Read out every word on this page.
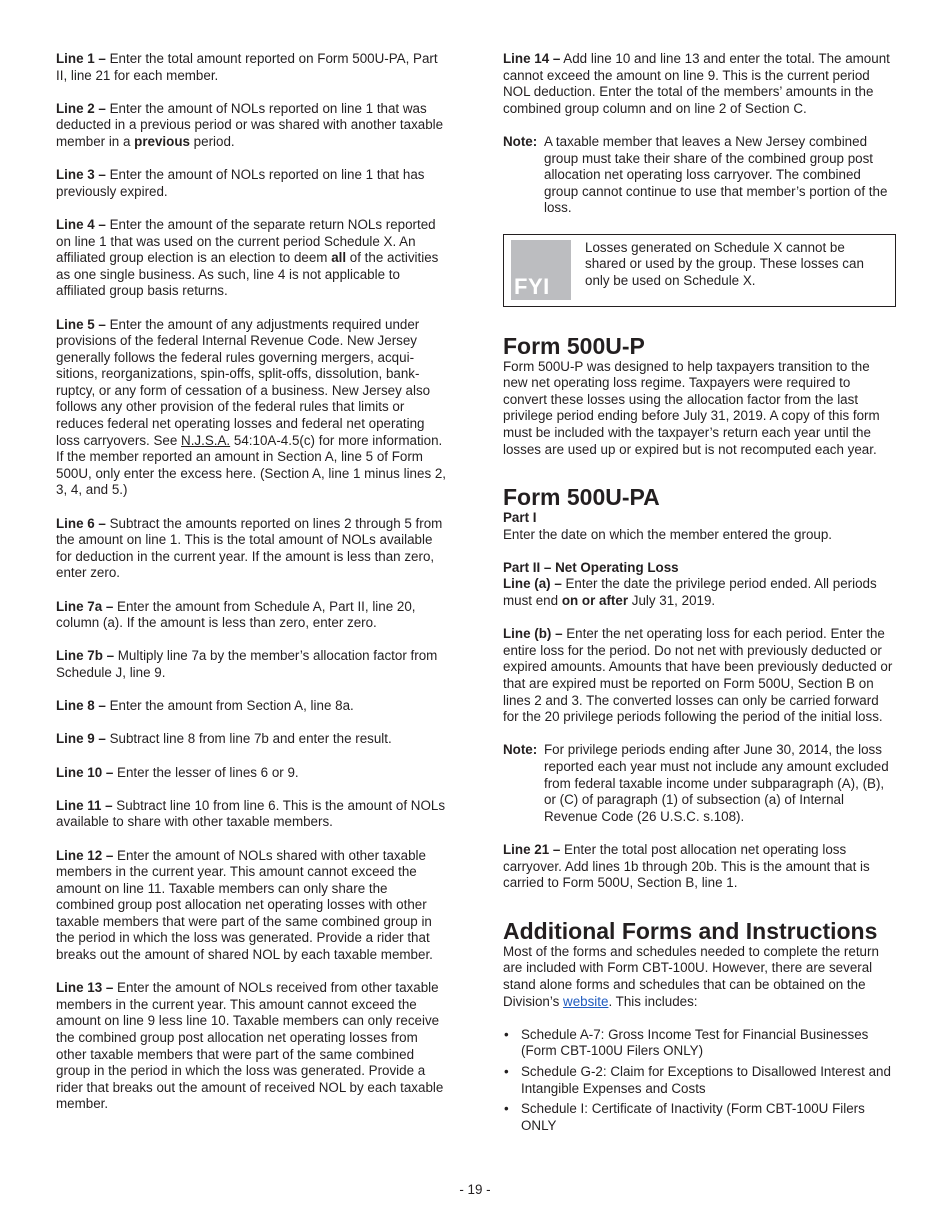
Line 1 – Enter the total amount reported on Form 500U-PA, Part II, line 21 for each member.

Line 2 – Enter the amount of NOLs reported on line 1 that was deducted in a previous period or was shared with another taxable member in a previous period.

Line 3 – Enter the amount of NOLs reported on line 1 that has previously expired.

Line 4 – Enter the amount of the separate return NOLs reported on line 1 that was used on the current period Schedule X. An affiliated group election is an election to deem all of the activities as one single business. As such, line 4 is not applicable to affiliated group basis returns.

Line 5 – Enter the amount of any adjustments required under provisions of the federal Internal Revenue Code. New Jersey generally follows the federal rules governing mergers, acquisitions, reorganizations, spin-offs, split-offs, dissolution, bankruptcy, or any form of cessation of a business. New Jersey also follows any other provision of the federal rules that limits or reduces federal net operating losses and federal net operating loss carryovers. See N.J.S.A. 54:10A-4.5(c) for more information. If the member reported an amount in Section A, line 5 of Form 500U, only enter the excess here. (Section A, line 1 minus lines 2, 3, 4, and 5.)

Line 6 – Subtract the amounts reported on lines 2 through 5 from the amount on line 1. This is the total amount of NOLs available for deduction in the current year. If the amount is less than zero, enter zero.

Line 7a – Enter the amount from Schedule A, Part II, line 20, column (a). If the amount is less than zero, enter zero.

Line 7b – Multiply line 7a by the member’s allocation factor from Schedule J, line 9.

Line 8 – Enter the amount from Section A, line 8a.

Line 9 – Subtract line 8 from line 7b and enter the result.

Line 10 – Enter the lesser of lines 6 or 9.

Line 11 – Subtract line 10 from line 6. This is the amount of NOLs available to share with other taxable members.

Line 12 – Enter the amount of NOLs shared with other taxable members in the current year. This amount cannot exceed the amount on line 11. Taxable members can only share the combined group post allocation net operating losses with other taxable members that were part of the same combined group in the period in which the loss was generated. Provide a rider that breaks out the amount of shared NOL by each taxable member.

Line 13 – Enter the amount of NOLs received from other taxable members in the current year. This amount cannot exceed the amount on line 9 less line 10. Taxable members can only receive the combined group post allocation net operating losses from other taxable members that were part of the same combined group in the period in which the loss was generated. Provide a rider that breaks out the amount of received NOL by each taxable member.

Line 14 – Add line 10 and line 13 and enter the total. The amount cannot exceed the amount on line 9. This is the current period NOL deduction. Enter the total of the members’ amounts in the combined group column and on line 2 of Section C.

Note: A taxable member that leaves a New Jersey combined group must take their share of the combined group post allocation net operating loss carryover. The combined group cannot continue to use that member’s portion of the loss.
FYI
Losses generated on Schedule X cannot be shared or used by the group. These losses can only be used on Schedule X.
Form 500U-P

Form 500U-P was designed to help taxpayers transition to the new net operating loss regime. Taxpayers were required to convert these losses using the allocation factor from the last privilege period ending before July 31, 2019. A copy of this form must be included with the taxpayer’s return each year until the losses are used up or expired but is not recomputed each year.

Form 500U-PA
Part I

Enter the date on which the member entered the group.

Part II – Net Operating Loss

Line (a) – Enter the date the privilege period ended. All periods must end on or after July 31, 2019.

Line (b) – Enter the net operating loss for each period. Enter the entire loss for the period. Do not net with previously deducted or expired amounts. Amounts that have been previously deducted or that are expired must be reported on Form 500U, Section B on lines 2 and 3. The converted losses can only be carried forward for the 20 privilege periods following the period of the initial loss.

Note: For privilege periods ending after June 30, 2014, the loss reported each year must not include any amount excluded from federal taxable income under subparagraph (A), (B), or (C) of paragraph (1) of subsection (a) of Internal Revenue Code (26 U.S.C. s.108).

Line 21 – Enter the total post allocation net operating loss carryover. Add lines 1b through 20b. This is the amount that is carried to Form 500U, Section B, line 1.

Additional Forms and Instructions

Most of the forms and schedules needed to complete the return are included with Form CBT-100U. However, there are several stand alone forms and schedules that can be obtained on the Division’s website. This includes:

• Schedule A-7: Gross Income Test for Financial Businesses (Form CBT-100U Filers ONLY)
• Schedule G-2: Claim for Exceptions to Disallowed Interest and Intangible Expenses and Costs
• Schedule I: Certificate of Inactivity (Form CBT-100U Filers ONLY
- 19 -
